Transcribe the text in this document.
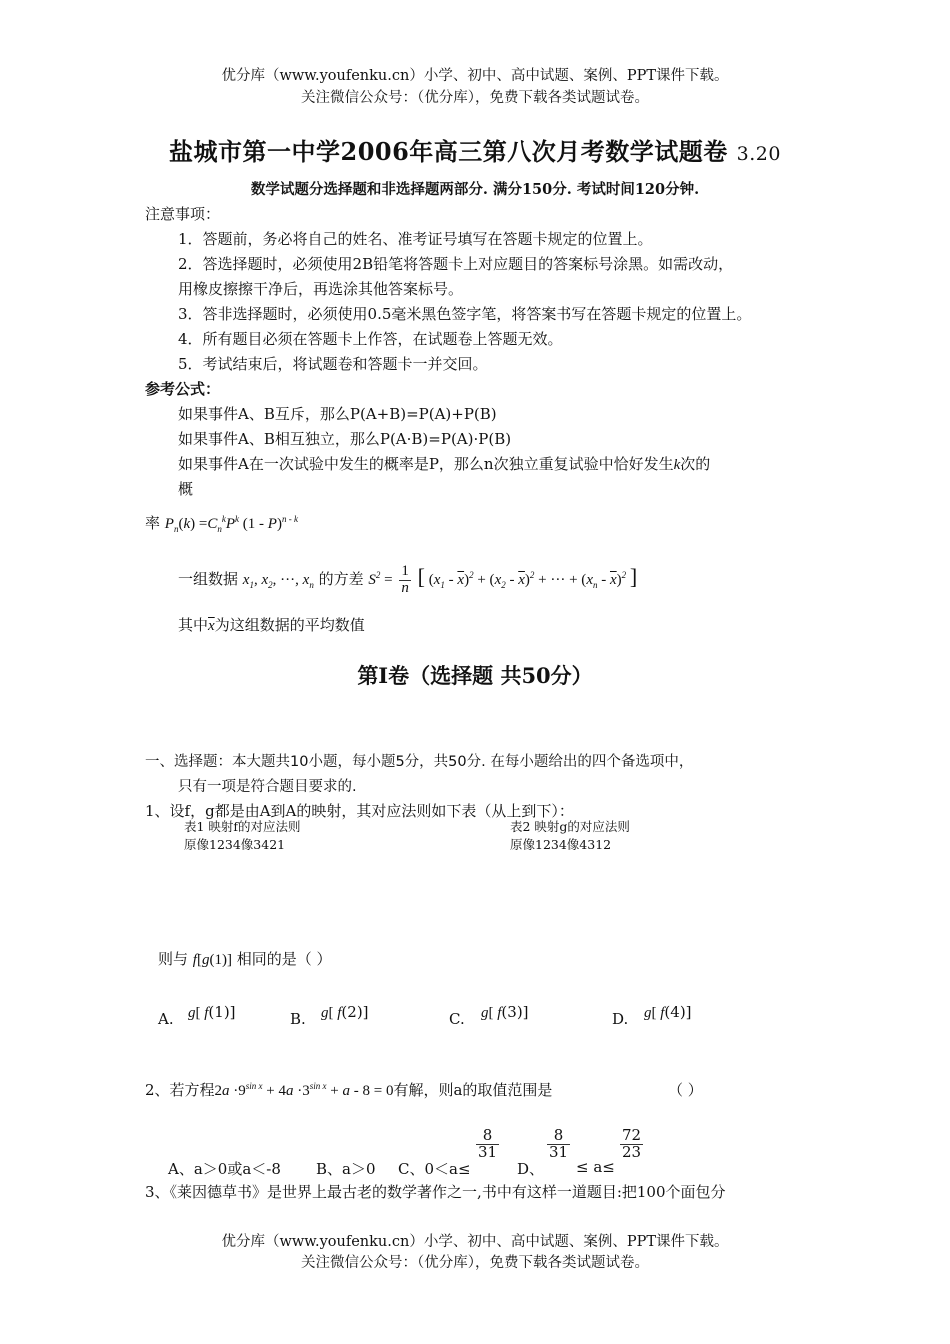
优分库（www.youfenku.cn）小学、初中、高中试题、案例、PPT课件下载。
关注微信公众号：（优分库），免费下载各类试题试卷。
盐城市第一中学2006年高三第八次月考数学试题卷 3.20
数学试题分选择题和非选择题两部分. 满分150分. 考试时间120分钟.
注意事项：
1．答题前，务必将自己的姓名、准考证号填写在答题卡规定的位置上。
2．答选择题时，必须使用2B铅笔将答题卡上对应题目的答案标号涂黑。如需改动，
用橡皮擦擦干净后，再选涂其他答案标号。
3．答非选择题时，必须使用0.5毫米黑色签字笔，将答案书写在答题卡规定的位置上。
4．所有题目必须在答题卡上作答，在试题卷上答题无效。
5．考试结束后，将试题卷和答题卡一并交回。
参考公式：
如果事件A、B互斥，那么P(A+B)=P(A)+P(B)
如果事件A、B相互独立，那么P(A·B)=P(A)·P(B)
如果事件A在一次试验中发生的概率是P，那么n次独立重复试验中恰好发生k次的
概
率 $P_n(k) =C_n^kP^k$ (1 - P)$^{n - k}$
一组数据 $x_1$, $x_2$, ···, $x_n$ 的方差 $S^2 = \frac{1}{n}$ [ $(x_1 - \overline{x})^2 + (x_2 - \overline{x})^2$ + ··· + $(x_n - \overline{x})^2$ ]
其中$\overline{x}$为这组数据的平均数值
第Ⅰ卷（选择题 共50分）
一、选择题：本大题共10小题，每小题5分，共50分. 在每小题给出的四个备选项中，
只有一项是符合题目要求的.
1、设f，g都是由A到A的映射，其对应法则如下表（从上到下）：
表1 映射f的对应法则
原像1234像3421
表2 映射g的对应法则
原像1234像4312
则与 f[g(1)] 相同的是（ ）
A. g[ f(1)]	B. g[ f(2)]	C. g[ f(3)]	D. g[ f(4)]
2、若方程$2a \cdot 9^{sin x} + 4a \cdot 3^{sin x} + a - 8 = 0$有解，则a的取值范围是	（ ）
A、a＞0或a＜-8 B、a＞0 C、0＜a≤
$\frac{8}{31}$
D、
$\frac{8}{31}$
≤ a≤
$\frac{72}{23}$
3、《莱因德草书》是世界上最古老的数学著作之一,书中有这样一道题目:把100个面包分
优分库（www.youfenku.cn）小学、初中、高中试题、案例、PPT课件下载。
关注微信公众号：（优分库），免费下载各类试题试卷。
